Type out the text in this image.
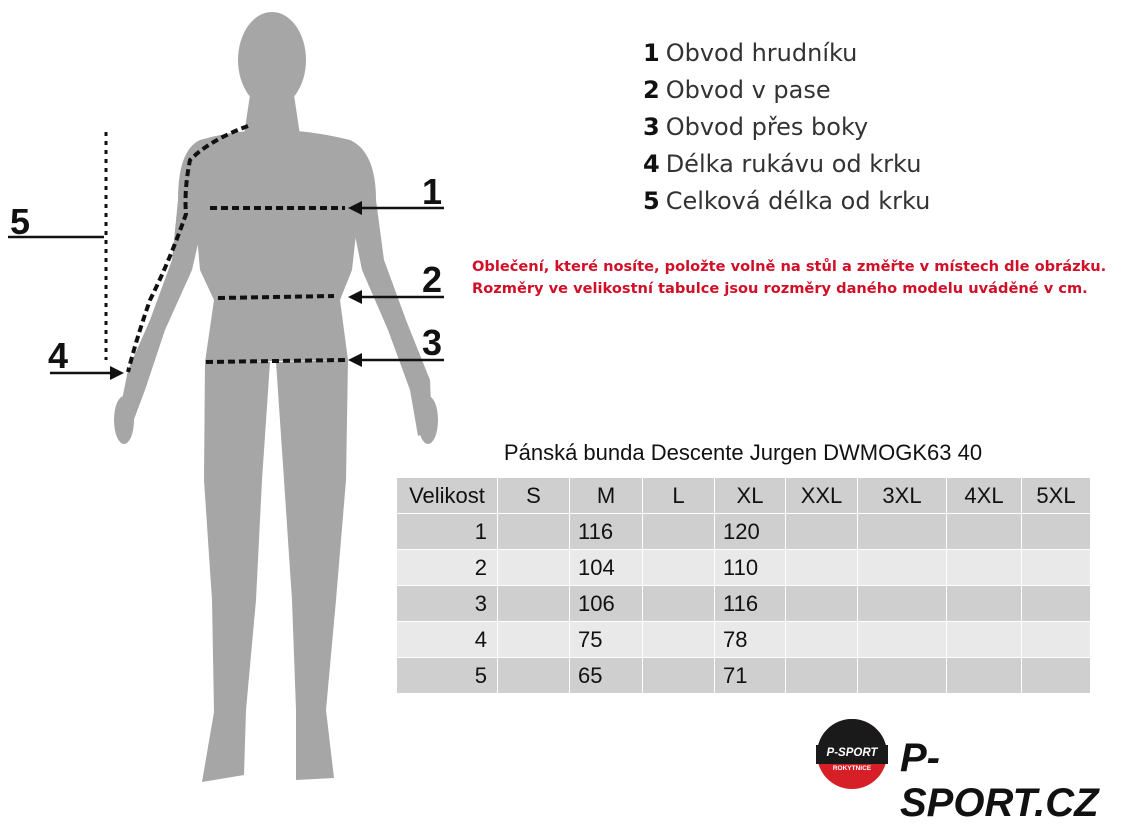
1
2
3
4
5
1 Obvod hrudníku
2 Obvod v pase
3 Obvod přes boky
4 Délka rukávu od krku
5 Celková délka od krku
Oblečení, které nosíte, položte volně na stůl a změřte v místech dle obrázku.
Rozměry ve velikostní tabulce jsou rozměry daného modelu uváděné v cm.
Pánská bunda Descente Jurgen DWMOGK63 40
Velikost	S	M	L	XL	XXL	3XL	4XL	5XL
1		116		120				
2		104		110				
3		106		116				
4		75		78				
5		65		71				
P-SPORT
ROKYTNICE P-SPORT.CZ
